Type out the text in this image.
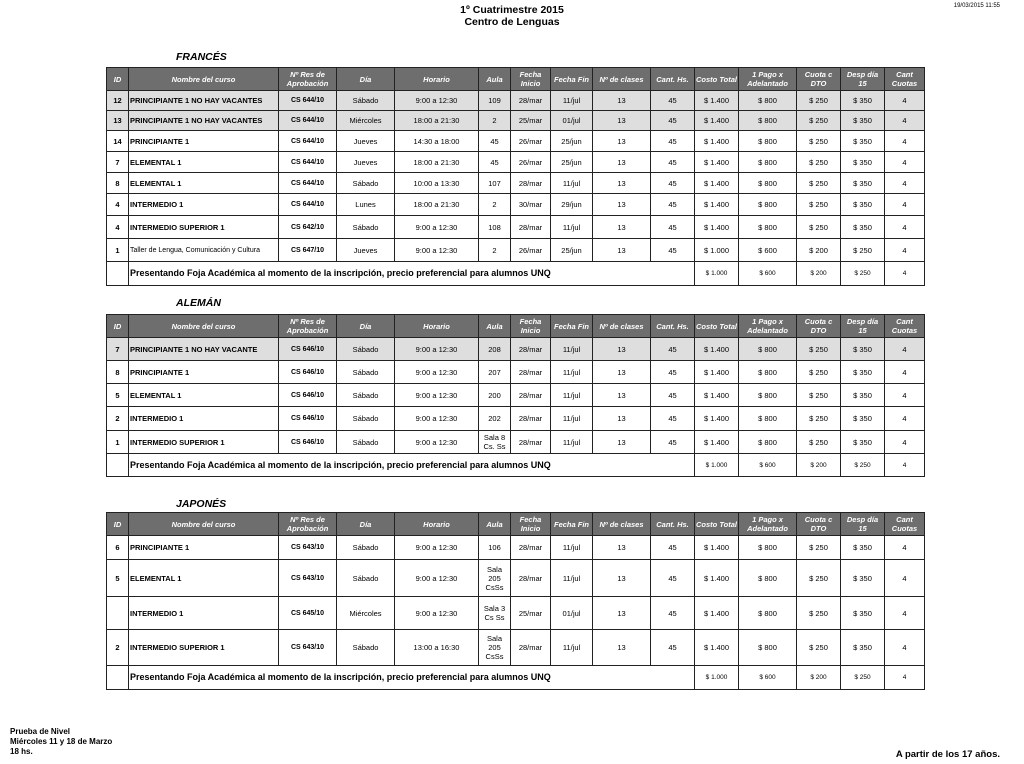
1º Cuatrimestre 2015
Centro de Lenguas
19/03/2015 11:55
FRANCÉS
ID	Nombre del curso	Nº Res de Aprobación	Día	Horario	Aula	Fecha Inicio	Fecha Fin	Nº de clases	Cant. Hs.	Costo Total	1 Pago x Adelantado	Cuota c DTO	Desp día 15	Cant Cuotas
12	PRINCIPIANTE 1 NO HAY VACANTES	CS 644/10	Sábado	9:00 a 12:30	109	28/mar	11/jul	13	45	$ 1.400	$ 800	$ 250	$ 350	4
13	PRINCIPIANTE 1 NO HAY VACANTES	CS 644/10	Miércoles	18:00 a 21:30	2	25/mar	01/jul	13	45	$ 1.400	$ 800	$ 250	$ 350	4
14	PRINCIPIANTE 1	CS 644/10	Jueves	14:30 a 18:00	45	26/mar	25/jun	13	45	$ 1.400	$ 800	$ 250	$ 350	4
7	ELEMENTAL 1	CS 644/10	Jueves	18:00 a 21:30	45	26/mar	25/jun	13	45	$ 1.400	$ 800	$ 250	$ 350	4
8	ELEMENTAL 1	CS 644/10	Sábado	10:00 a 13:30	107	28/mar	11/jul	13	45	$ 1.400	$ 800	$ 250	$ 350	4
4	INTERMEDIO 1	CS 644/10	Lunes	18:00 a 21:30	2	30/mar	29/jun	13	45	$ 1.400	$ 800	$ 250	$ 350	4
4	INTERMEDIO SUPERIOR 1	CS 642/10	Sábado	9:00 a 12:30	108	28/mar	11/jul	13	45	$ 1.400	$ 800	$ 250	$ 350	4
1	Taller de Lengua, Comunicación y Cultura	CS 647/10	Jueves	9:00 a 12:30	2	26/mar	25/jun	13	45	$ 1.000	$ 600	$ 200	$ 250	4
	Presentando Foja Académica al momento de la inscripción, precio preferencial para alumnos UNQ									$ 1.000	$ 600	$ 200	$ 250	4
ALEMÁN
ID	Nombre del curso	Nº Res de Aprobación	Día	Horario	Aula	Fecha Inicio	Fecha Fin	Nº de clases	Cant. Hs.	Costo Total	1 Pago x Adelantado	Cuota c DTO	Desp día 15	Cant Cuotas
7	PRINCIPIANTE 1 NO HAY VACANTE	CS 646/10	Sábado	9:00 a 12:30	208	28/mar	11/jul	13	45	$ 1.400	$ 800	$ 250	$ 350	4
8	PRINCIPIANTE 1	CS 646/10	Sábado	9:00 a 12:30	207	28/mar	11/jul	13	45	$ 1.400	$ 800	$ 250	$ 350	4
5	ELEMENTAL 1	CS 646/10	Sábado	9:00 a 12:30	200	28/mar	11/jul	13	45	$ 1.400	$ 800	$ 250	$ 350	4
2	INTERMEDIO 1	CS 646/10	Sábado	9:00 a 12:30	202	28/mar	11/jul	13	45	$ 1.400	$ 800	$ 250	$ 350	4
1	INTERMEDIO SUPERIOR 1	CS 646/10	Sábado	9:00 a 12:30	Sala 8 Cs. Ss	28/mar	11/jul	13	45	$ 1.400	$ 800	$ 250	$ 350	4
	Presentando Foja Académica al momento de la inscripción, precio preferencial para alumnos UNQ									$ 1.000	$ 600	$ 200	$ 250	4
JAPONÉS
ID	Nombre del curso	Nº Res de Aprobación	Día	Horario	Aula	Fecha Inicio	Fecha Fin	Nº de clases	Cant. Hs.	Costo Total	1 Pago x Adelantado	Cuota c DTO	Desp día 15	Cant Cuotas
6	PRINCIPIANTE 1	CS 643/10	Sábado	9:00 a 12:30	106	28/mar	11/jul	13	45	$ 1.400	$ 800	$ 250	$ 350	4
5	ELEMENTAL 1	CS 643/10	Sábado	9:00 a 12:30	Sala 205 CsSs	28/mar	11/jul	13	45	$ 1.400	$ 800	$ 250	$ 350	4
	INTERMEDIO 1	CS 645/10	Miércoles	9:00 a 12:30	Sala 3 Cs Ss	25/mar	01/jul	13	45	$ 1.400	$ 800	$ 250	$ 350	4
2	INTERMEDIO SUPERIOR 1	CS 643/10	Sábado	13:00 a 16:30	Sala 205 CsSs	28/mar	11/jul	13	45	$ 1.400	$ 800	$ 250	$ 350	4
	Presentando Foja Académica al momento de la inscripción, precio preferencial para alumnos UNQ									$ 1.000	$ 600	$ 200	$ 250	4
Prueba de Nivel
Miércoles 11 y 18 de Marzo
18 hs.	A partir de los 17 años.
